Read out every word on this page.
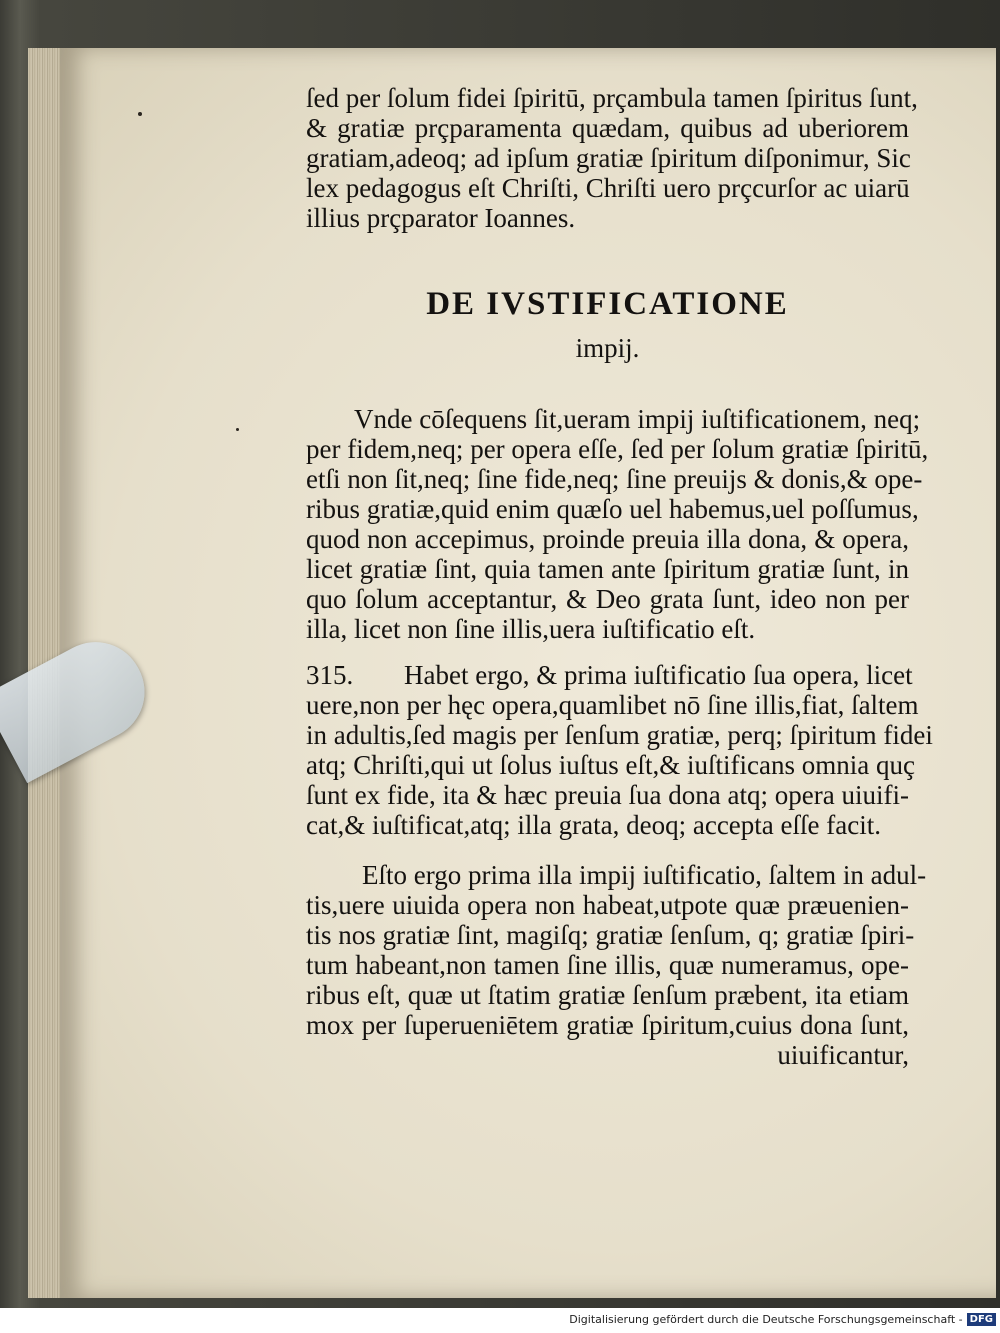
ſed per ſolum fidei ſpiritū, prçambula tamen ſpiritus ſunt,
& gratiæ prçparamenta quædam, quibus ad uberiorem
gratiam,adeoq; ad ipſum gratiæ ſpiritum diſponimur, Sic
lex pedagogus eſt Chriſti, Chriſti uero prçcurſor ac uiarū
illius prçparator Ioannes.
DE IVSTIFICATIONE
impij.
Vnde cōſequens ſit,ueram impij iuſtificationem, neq;
per fidem,neq; per opera eſſe, ſed per ſolum gratiæ ſpiritū,
etſi non ſit,neq; ſine fide,neq; ſine preuijs & donis,& ope-
ribus gratiæ,quid enim quæſo uel habemus,uel poſſumus,
quod non accepimus, proinde preuia illa dona, & opera,
licet gratiæ ſint, quia tamen ante ſpiritum gratiæ ſunt, in
quo ſolum acceptantur, & Deo grata ſunt, ideo non per
illa, licet non ſine illis,uera iuſtificatio eſt.
315.	Habet ergo, & prima iuſtificatio ſua opera, licet
uere,non per hęc opera,quamlibet nō ſine illis,fiat, ſaltem
in adultis,ſed magis per ſenſum gratiæ, perq; ſpiritum fidei
atq; Chriſti,qui ut ſolus iuſtus eſt,& iuſtificans omnia quç
ſunt ex fide, ita & hæc preuia ſua dona atq; opera uiuifi-
cat,& iuſtificat,atq; illa grata, deoq; accepta eſſe facit.
Eſto ergo prima illa impij iuſtificatio, ſaltem in adul-
tis,uere uiuida opera non habeat,utpote quæ præuenien-
tis nos gratiæ ſint, magiſq; gratiæ ſenſum, q; gratiæ ſpiri-
tum habeant,non tamen ſine illis, quæ numeramus, ope-
ribus eſt, quæ ut ſtatim gratiæ ſenſum præbent, ita etiam
mox per ſuperueniētem gratiæ ſpiritum,cuius dona ſunt,
uiuificantur,
Digitalisierung gefördert durch die Deutsche Forschungsgemeinschaft - DFG
